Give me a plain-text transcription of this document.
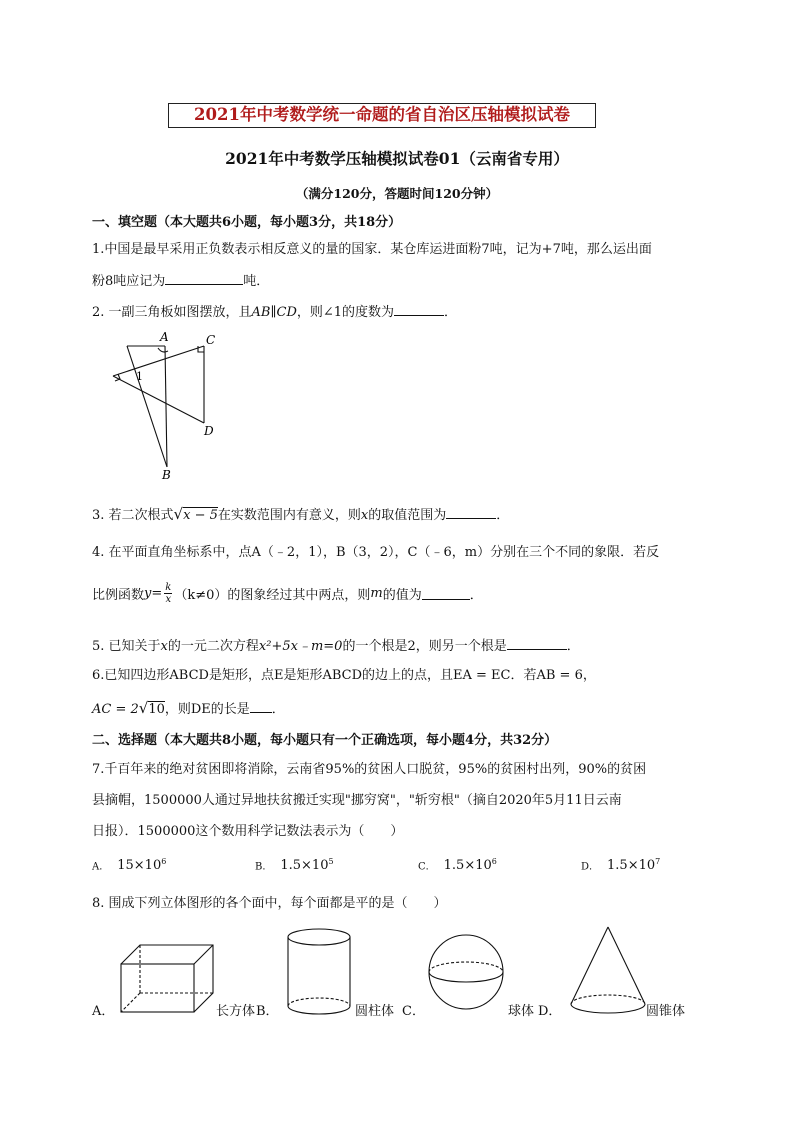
2021年中考数学统一命题的省自治区压轴模拟试卷
2021年中考数学压轴模拟试卷01（云南省专用）
（满分120分，答题时间120分钟）
一、填空题（本大题共6小题，每小题3分，共18分）
1.中国是最早采用正负数表示相反意义的量的国家．某仓库运进面粉7吨，记为+7吨，那么运出面
粉8吨应记为	吨．
2. 一副三角板如图摆放，且AB∥CD，则∠1的度数为	．
A	C
D
B
1
3. 若二次根式√x − 5在实数范围内有意义，则x的取值范围为	．
4. 在平面直角坐标系中，点A（﹣2，1），B（3，2），C（﹣6，m）分别在三个不同的象限．若反
比例函数 $y = \frac{k}{x} (k\ne 0)$的图象经过其中两点，则 m 的值为	．
5. 已知关于x的一元二次方程x²+5x﹣m=0的一个根是2，则另一个根是	．
6.已知四边形ABCD是矩形，点E是矩形ABCD的边上的点，且EA = EC．若AB = 6，
AC = 2√10，则DE的长是 ．
二、选择题（本大题共8小题，每小题只有一个正确选项，每小题4分，共32分）
7.千百年来的绝对贫困即将消除，云南省95%的贫困人口脱贫，95%的贫困村出列，90%的贫困
县摘帽，1500000人通过异地扶贫搬迁实现"挪穷窝"，"斩穷根"（摘自2020年5月11日云南
日报）．1500000这个数用科学记数法表示为（　　）
A． $15\times 10^6$	B． $1.5\times 10^5$	C． $1.5\times 10^6$	D． $1.5\times 10^7$
8. 围成下列立体图形的各个面中，每个面都是平的是（　　）
A．	长方体 B．	圆柱体 C．	球体 D．	圆锥体
